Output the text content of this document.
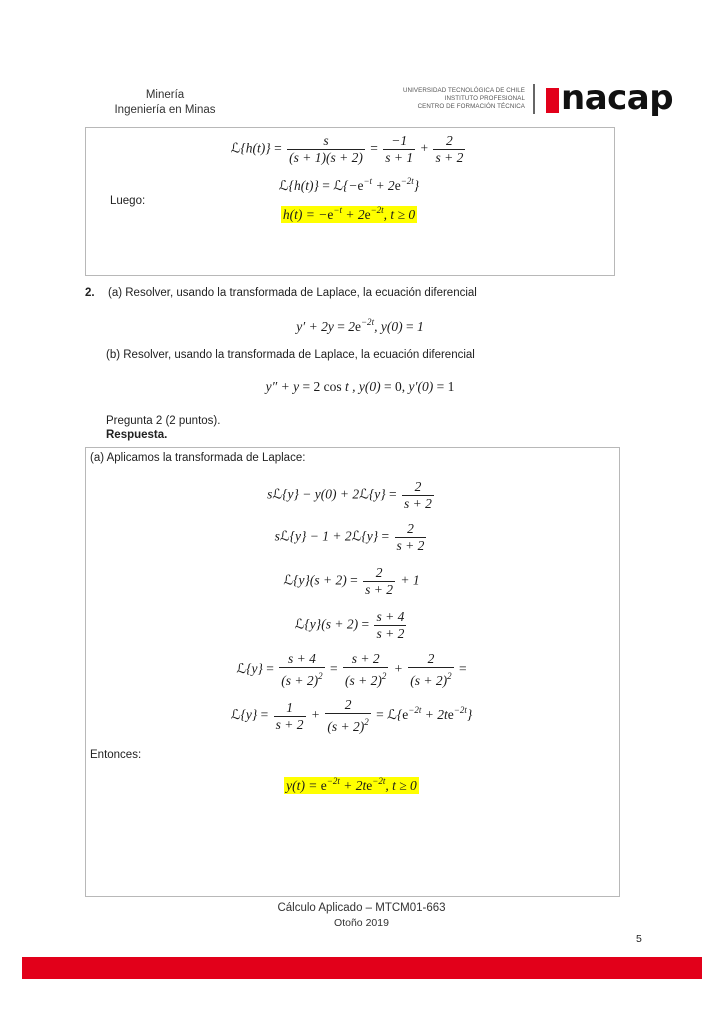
Minería
Ingeniería en Minas
UNIVERSIDAD TECNOLÓGICA DE CHILE
INSTITUTO PROFESIONAL
CENTRO DE FORMACIÓN TÉCNICA nacap
ℒ{h(t)} = $\frac{s}{(s + 1)(s + 2)} = \frac{-1}{s + 1} + \frac{2}{s + 2}$
ℒ{h(t)} = $ℒ\{-e^{-t} + 2e^{-2t}\}$
Luego:
$h(t) = -e^{-t} + 2e^{-2t}$, t ≥ 0
2. (a) Resolver, usando la transformada de Laplace, la ecuación diferencial
$y' + 2y = 2e^{-2t}$, y(0) = 1
(b) Resolver, usando la transformada de Laplace, la ecuación diferencial
y″ + y = 2 cos t , y(0) = 0, y′(0) = 1
Pregunta 2 (2 puntos).
Respuesta.
(a) Aplicamos la transformada de Laplace:
sℒ{y} − y(0) + 2ℒ{y} = $\frac{2}{s + 2}$
sℒ{y} − 1 + 2ℒ{y} = $\frac{2}{s + 2}$
ℒ{y}(s + $2) = \frac{2}{s + 2} + 1$
ℒ{y}(s + $2) = \frac{s + 4}{s + 2}$
ℒ{y} = $\frac{s + 4}{(s + 2)^2} = \frac{s + 2}{(s + 2)^2} + \frac{2}{(s + 2)^2}$ =
ℒ{y} = $\frac{1}{s + 2} + \frac{2}{(s + 2)^2}$ = $ℒ\{e^{-2t} + 2te^{-2t}\}$
Entonces:
$y(t) = e^{-2t} + 2te^{-2t}$, t ≥ 0
Cálculo Aplicado – MTCM01-663
Otoño 2019
5
